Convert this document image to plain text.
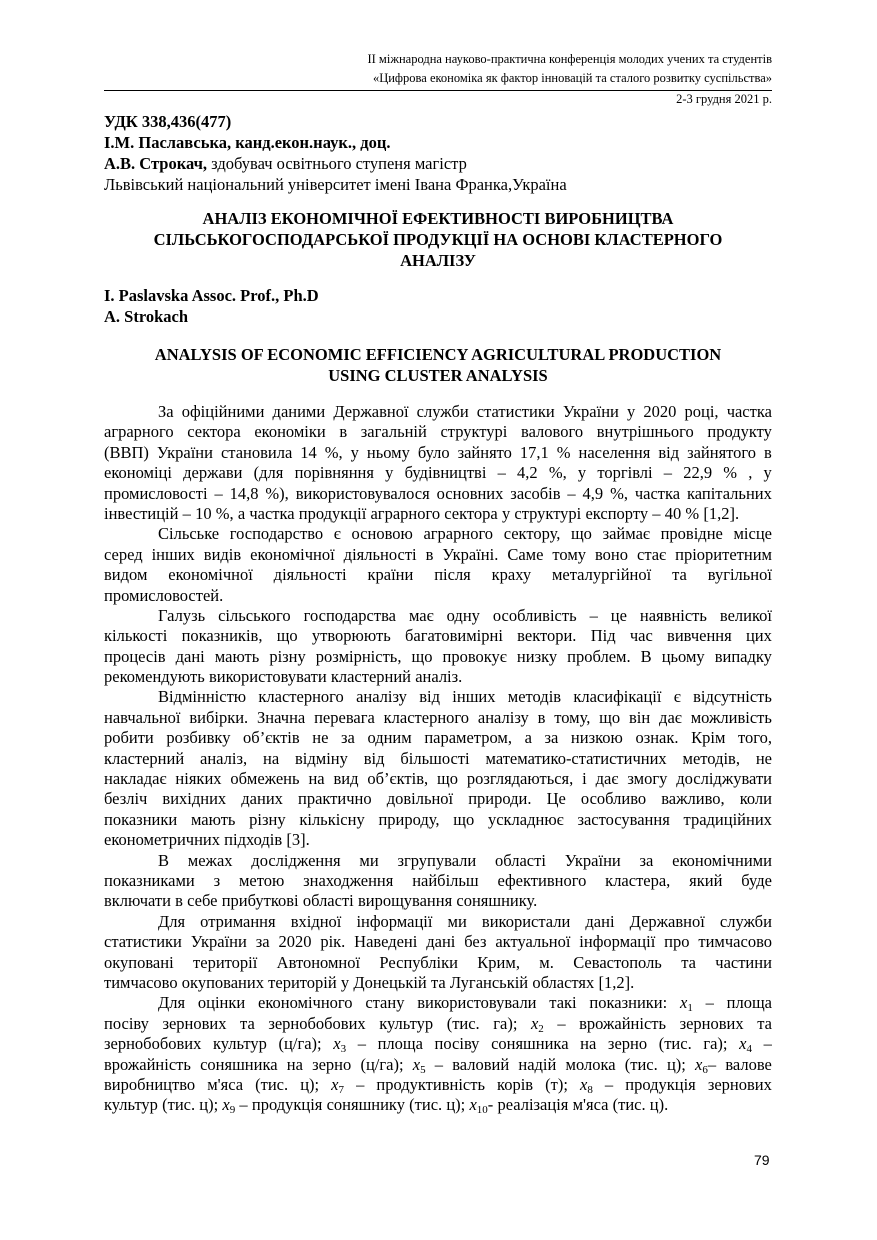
II міжнародна науково-практична конференція молодих учених та студентів
«Цифрова економіка як фактор інновацій та сталого розвитку суспільства»
2-3 грудня 2021 р.
УДК 338,436(477)
І.М. Паславська, канд.екон.наук., доц.
А.В. Строкач, здобувач освітнього ступеня магістр
Львівський національний університет імені Івана Франка,Україна
АНАЛІЗ ЕКОНОМІЧНОЇ ЕФЕКТИВНОСТІ ВИРОБНИЦТВА
СІЛЬСЬКОГОСПОДАРСЬКОЇ ПРОДУКЦІЇ НА ОСНОВІ КЛАСТЕРНОГО
АНАЛІЗУ
I. Paslavska Assoc. Prof., Ph.D
A. Strokach
ANALYSIS OF ECONOMIC EFFICIENCY AGRICULTURAL PRODUCTION
USING CLUSTER ANALYSIS
За офіційними даними Державної служби статистики України у 2020 році, частка
аграрного сектора економіки в загальній структурі валового внутрішнього продукту
(ВВП) України становила 14 %, у ньому було зайнято 17,1 % населення від зайнятого в
економіці держави (для порівняння у будівництві – 4,2 %, у торгівлі – 22,9 % , у
промисловості – 14,8 %), використовувалося основних засобів – 4,9 %, частка капітальних
інвестицій – 10 %, а частка продукції аграрного сектора у структурі експорту – 40 % [1,2].
Сільське господарство є основою аграрного сектору, що займає провідне місце
серед інших видів економічної діяльності в Україні. Саме тому воно стає пріоритетним
видом економічної діяльності країни після краху металургійної та вугільної
промисловостей.
Галузь сільського господарства має одну особливість – це наявність великої
кількості показників, що утворюють багатовимірні вектори. Під час вивчення цих
процесів дані мають різну розмірність, що провокує низку проблем. В цьому випадку
рекомендують використовувати кластерний аналіз.
Відмінністю кластерного аналізу від інших методів класифікації є відсутність
навчальної вибірки. Значна перевага кластерного аналізу в тому, що він дає можливість
робити розбивку об’єктів не за одним параметром, а за низкою ознак. Крім того,
кластерний аналіз, на відміну від більшості математико-статистичних методів, не
накладає ніяких обмежень на вид об’єктів, що розглядаються, і дає змогу досліджувати
безліч вихідних даних практично довільної природи. Це особливо важливо, коли
показники мають різну кількісну природу, що ускладнює застосування традиційних
економетричних підходів [3].
В межах дослідження ми згрупували області України за економічними
показниками з метою знаходження найбільш ефективного кластера, який буде
включати в себе прибуткові області вирощування соняшнику.
Для отримання вхідної інформації ми використали дані Державної служби
статистики України за 2020 рік. Наведені дані без актуальної інформації про тимчасово
окуповані території Автономної Республіки Крим, м. Севастополь та частини
тимчасово окупованих територій у Донецькій та Луганській областях [1,2].
Для оцінки економічного стану використовували такі показники: $x_1$ – площа
посіву зернових та зернобобових культур (тис. га); $x_2$ – врожайність зернових та
зернобобових культур (ц/га); $x_3$ – площа посіву соняшника на зерно (тис. га); $x_4$ –
врожайність соняшника на зерно (ц/га); $x_5$ – валовий надій молока (тис. ц); $x_6-$ валове
виробництво м'яса (тис. ц); $x_7$ – продуктивність корів (т); $x_8$ – продукція зернових
культур (тис. ц); $x_9$ – продукція соняшнику (тис. ц); $x_{10}-$ реалізація м'яса (тис. ц).
79
